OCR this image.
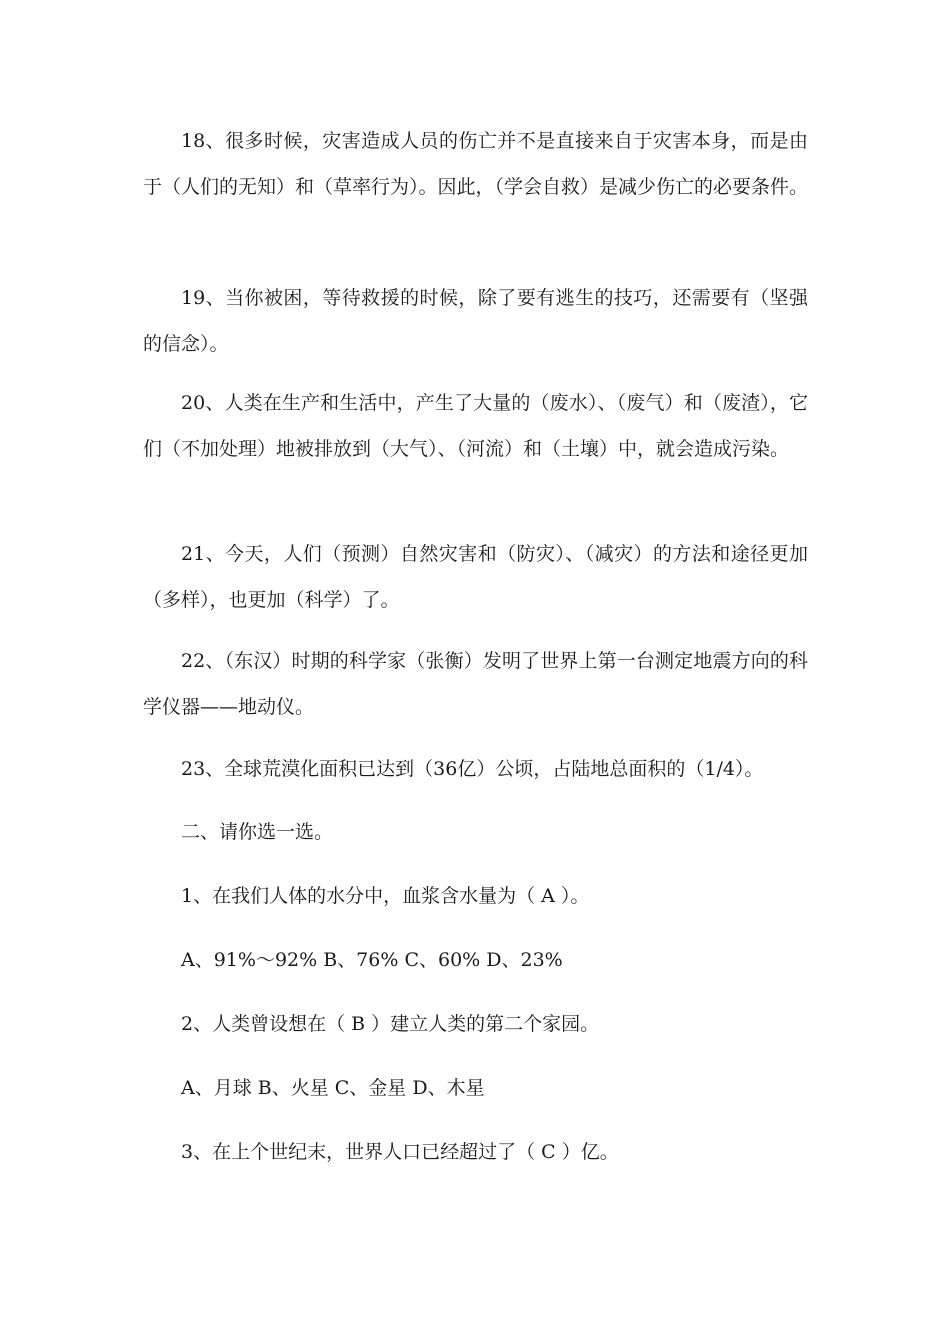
18、很多时候，灾害造成人员的伤亡并不是直接来自于灾害本身，而是由于（人们的无知）和（草率行为）。因此，（学会自救）是减少伤亡的必要条件。

19、当你被困，等待救援的时候，除了要有逃生的技巧，还需要有（坚强的信念）。

20、人类在生产和生活中，产生了大量的（废水）、（废气）和（废渣），它们（不加处理）地被排放到（大气）、（河流）和（土壤）中，就会造成污染。

21、今天，人们（预测）自然灾害和（防灾）、（减灾）的方法和途径更加（多样），也更加（科学）了。

22、（东汉）时期的科学家（张衡）发明了世界上第一台测定地震方向的科学仪器——地动仪。

23、全球荒漠化面积已达到（36亿）公顷，占陆地总面积的（1/4）。

二、请你选一选。

1、在我们人体的水分中，血浆含水量为（ A ）。

A、91%～92% B、76% C、60% D、23%

2、人类曾设想在（ B ）建立人类的第二个家园。

A、月球 B、火星 C、金星 D、木星

3、在上个世纪末，世界人口已经超过了（ C ）亿。
